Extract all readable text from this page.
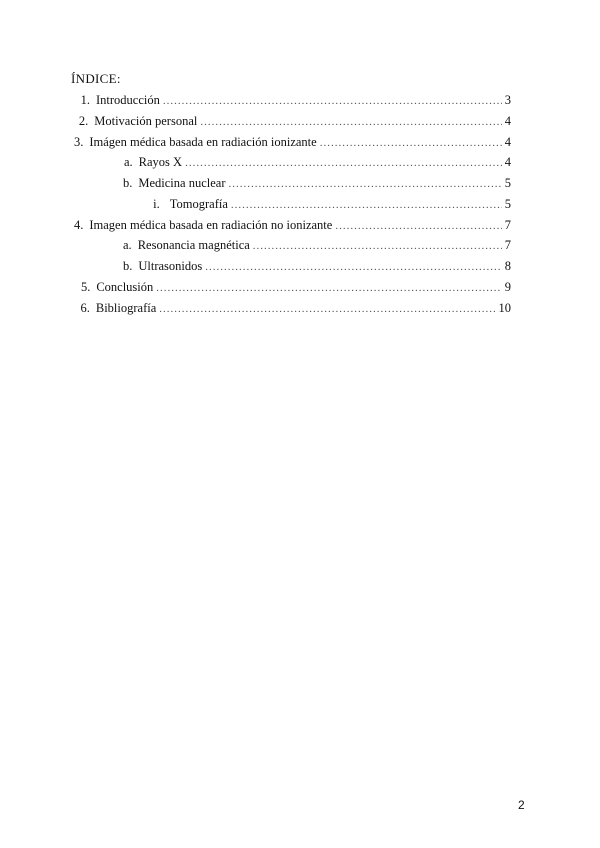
ÍNDICE:
1. Introducción .....	3
2. Motivación personal .....	4
3. Imágen médica basada en radiación ionizante .....	4
a. Rayos X .....	4
b. Medicina nuclear .....	5
i. Tomografía .....	5
4. Imagen médica basada en radiación no ionizante .....	7
a. Resonancia magnética .....	7
b. Ultrasonidos .....	8
5. Conclusión .....	9
6. Bibliografía .....	10
2
